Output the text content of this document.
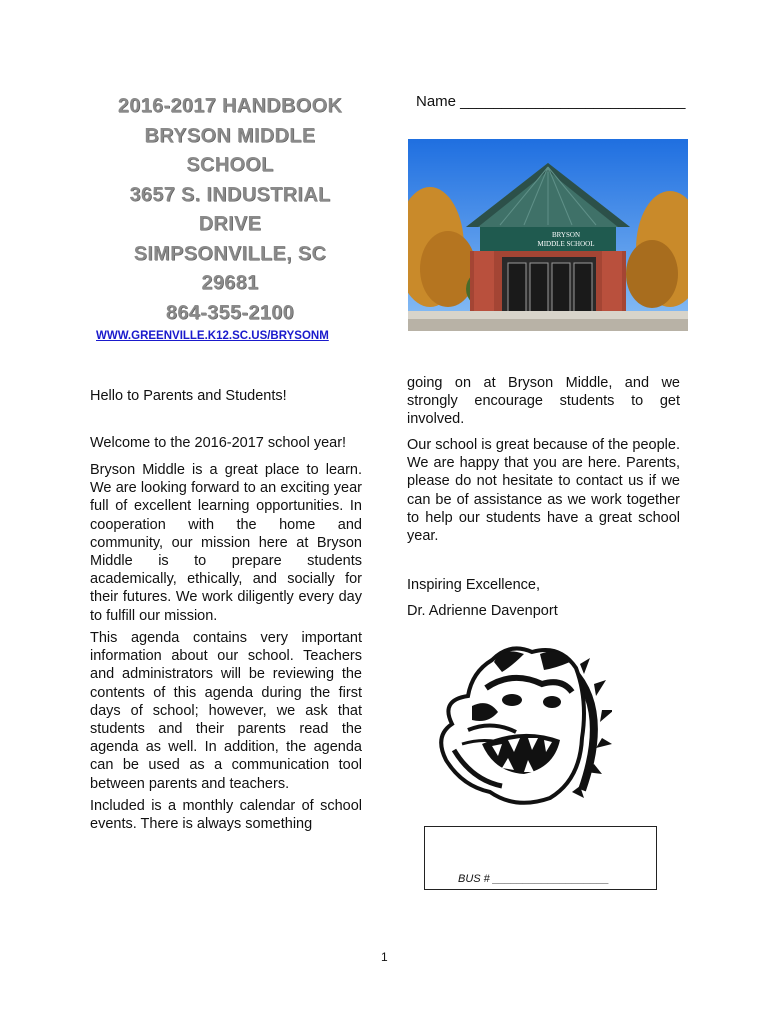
2016-2017 HANDBOOK
BRYSON MIDDLE
SCHOOL
3657 S. INDUSTRIAL
DRIVE
SIMPSONVILLE, SC
29681
864-355-2100
WWW.GREENVILLE.K12.SC.US/BRYSONM
Name ___________________________
BRYSON
MIDDLE SCHOOL
Hello to Parents and Students!
Welcome to the 2016-2017 school year!
Bryson Middle is a great place to learn. We are looking forward to an exciting year full of excellent learning opportunities. In cooperation with the home and community, our mission here at Bryson Middle is to prepare students academically, ethically, and socially for their futures. We work diligently every day to fulfill our mission.
This agenda contains very important information about our school. Teachers and administrators will be reviewing the contents of this agenda during the first days of school; however, we ask that students and their parents read the agenda as well. In addition, the agenda can be used as a communication tool between parents and teachers.
Included is a monthly calendar of school events. There is always something
going on at Bryson Middle, and we strongly encourage students to get involved.
Our school is great because of the people. We are happy that you are here. Parents, please do not hesitate to contact us if we can be of assistance as we work together to help our students have a great school year.
Inspiring Excellence,
Dr. Adrienne Davenport
BUS # ___________________
1
